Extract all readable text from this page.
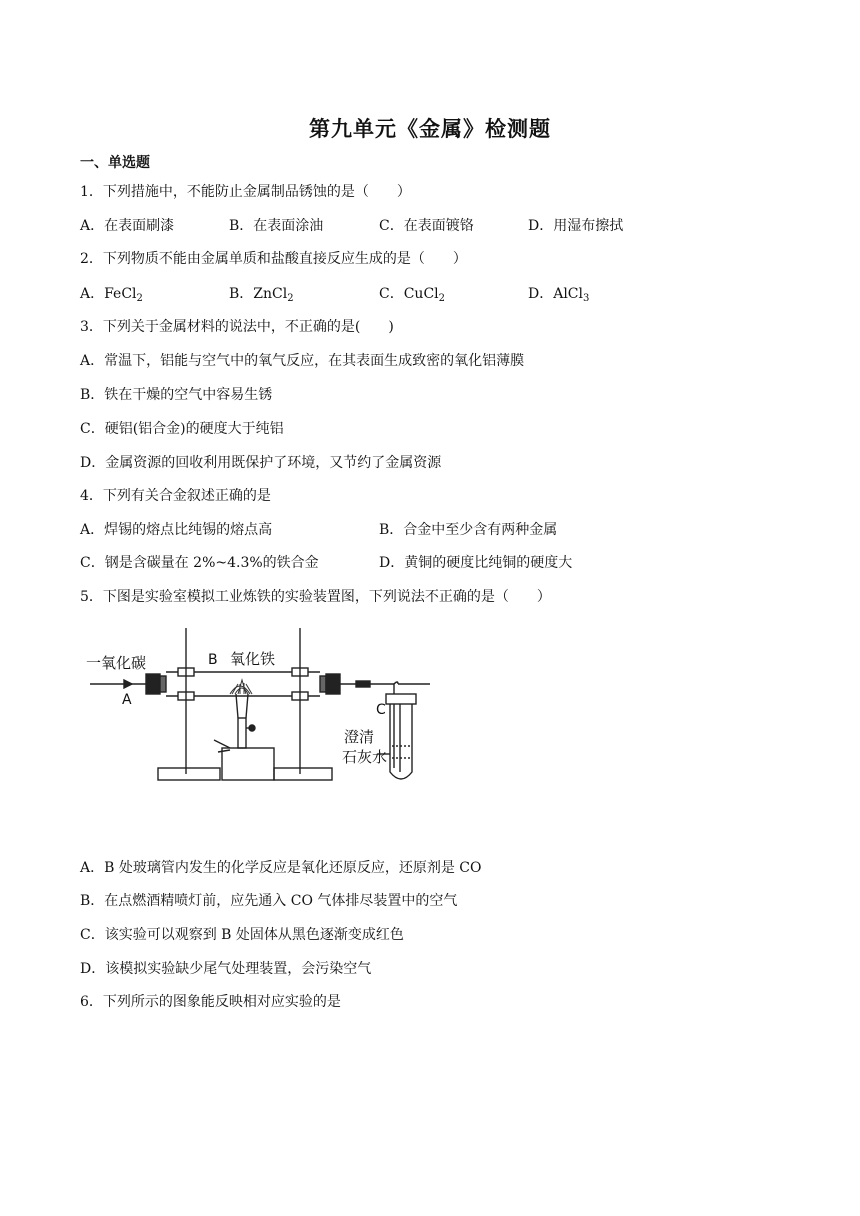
第九单元《金属》检测题
一、单选题
1．下列措施中，不能防止金属制品锈蚀的是（　　）
A．在表面刷漆	B．在表面涂油	C．在表面镀铬	D．用湿布擦拭
2．下列物质不能由金属单质和盐酸直接反应生成的是（　　）
A．FeCl$_2$	B．ZnCl$_2$	C．CuCl$_2$	D．AlCl$_3$
3．下列关于金属材料的说法中，不正确的是(　　)
A．常温下，铝能与空气中的氧气反应，在其表面生成致密的氧化铝薄膜
B．铁在干燥的空气中容易生锈
C．硬铝(铝合金)的硬度大于纯铝
D．金属资源的回收利用既保护了环境，又节约了金属资源
4．下列有关合金叙述正确的是
A．焊锡的熔点比纯锡的熔点高	B．合金中至少含有两种金属
C．钢是含碳量在 2%~4.3%的铁合金	D．黄铜的硬度比纯铜的硬度大
5．下图是实验室模拟工业炼铁的实验装置图，下列说法不正确的是（　　）
一氧化碳
A
B 氧化铁
C
澄清
石灰水
A．B 处玻璃管内发生的化学反应是氧化还原反应，还原剂是 CO
B．在点燃酒精喷灯前，应先通入 CO 气体排尽装置中的空气
C．该实验可以观察到 B 处固体从黑色逐渐变成红色
D．该模拟实验缺少尾气处理装置，会污染空气
6．下列所示的图象能反映相对应实验的是
